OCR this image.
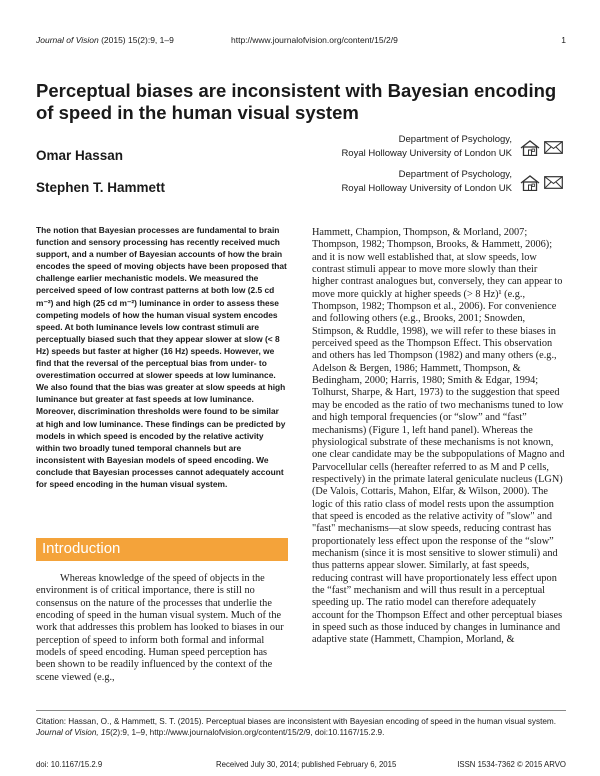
Journal of Vision (2015) 15(2):9, 1–9	http://www.journalofvision.org/content/15/2/9	1
Perceptual biases are inconsistent with Bayesian encoding of speed in the human visual system
Omar Hassan
Department of Psychology,
Royal Holloway University of London UK
Stephen T. Hammett
Department of Psychology,
Royal Holloway University of London UK
The notion that Bayesian processes are fundamental to brain function and sensory processing has recently received much support, and a number of Bayesian accounts of how the brain encodes the speed of moving objects have been proposed that challenge earlier mechanistic models. We measured the perceived speed of low contrast patterns at both low (2.5 cd m⁻²) and high (25 cd m⁻²) luminance in order to assess these competing models of how the human visual system encodes speed. At both luminance levels low contrast stimuli are perceptually biased such that they appear slower at slow (< 8 Hz) speeds but faster at higher (16 Hz) speeds. However, we find that the reversal of the perceptual bias from under- to overestimation occurred at slower speeds at low luminance. We also found that the bias was greater at slow speeds at high luminance but greater at fast speeds at low luminance. Moreover, discrimination thresholds were found to be similar at high and low luminance. These findings can be predicted by models in which speed is encoded by the relative activity within two broadly tuned temporal channels but are inconsistent with Bayesian models of speed encoding. We conclude that Bayesian processes cannot adequately account for speed encoding in the human visual system.
Introduction
Whereas knowledge of the speed of objects in the environment is of critical importance, there is still no consensus on the nature of the processes that underlie the encoding of speed in the human visual system. Much of the work that addresses this problem has looked to biases in our perception of speed to inform both formal and informal models of speed encoding. Human speed perception has been shown to be readily influenced by the context of the scene viewed (e.g.,
Hammett, Champion, Thompson, & Morland, 2007; Thompson, 1982; Thompson, Brooks, & Hammett, 2006); and it is now well established that, at slow speeds, low contrast stimuli appear to move more slowly than their higher contrast analogues but, conversely, they can appear to move more quickly at higher speeds (> 8 Hz)¹ (e.g., Thompson, 1982; Thompson et al., 2006). For convenience and following others (e.g., Brooks, 2001; Snowden, Stimpson, & Ruddle, 1998), we will refer to these biases in perceived speed as the Thompson Effect. This observation and others has led Thompson (1982) and many others (e.g., Adelson & Bergen, 1986; Hammett, Thompson, & Bedingham, 2000; Harris, 1980; Smith & Edgar, 1994; Tolhurst, Sharpe, & Hart, 1973) to the suggestion that speed may be encoded as the ratio of two mechanisms tuned to low and high temporal frequencies (or “slow” and “fast” mechanisms) (Figure 1, left hand panel). Whereas the physiological substrate of these mechanisms is not known, one clear candidate may be the subpopulations of Magno and Parvocellular cells (hereafter referred to as M and P cells, respectively) in the primate lateral geniculate nucleus (LGN) (De Valois, Cottaris, Mahon, Elfar, & Wilson, 2000). The logic of this ratio class of model rests upon the assumption that speed is encoded as the relative activity of "slow" and "fast" mechanisms—at slow speeds, reducing contrast has proportionately less effect upon the response of the “slow” mechanism (since it is most sensitive to slower stimuli) and thus patterns appear slower. Similarly, at fast speeds, reducing contrast will have proportionately less effect upon the “fast” mechanism and will thus result in a perceptual speeding up. The ratio model can therefore adequately account for the Thompson Effect and other perceptual biases in speed such as those induced by changes in luminance and adaptive state (Hammett, Champion, Morland, &
Citation: Hassan, O., & Hammett, S. T. (2015). Perceptual biases are inconsistent with Bayesian encoding of speed in the human visual system. Journal of Vision, 15(2):9, 1–9, http://www.journalofvision.org/content/15/2/9, doi:10.1167/15.2.9.
doi: 10.1167/15.2.9	Received July 30, 2014; published February 6, 2015	ISSN 1534-7362 © 2015 ARVO
